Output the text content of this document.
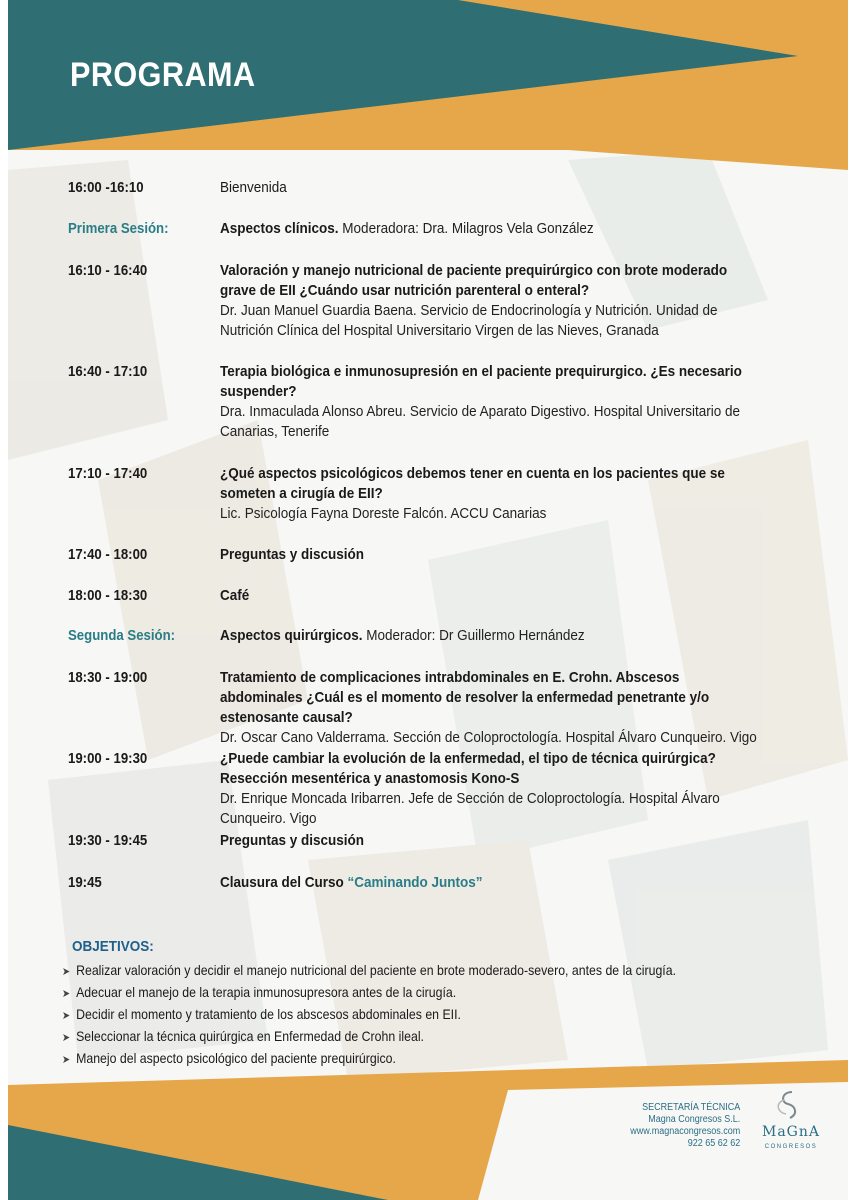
PROGRAMA
16:00 -16:10	Bienvenida
Primera Sesión:	Aspectos clínicos. Moderadora: Dra. Milagros Vela González
16:10 - 16:40	Valoración y manejo nutricional de paciente prequirúrgico con brote moderado grave de EII ¿Cuándo usar nutrición parenteral o enteral?
Dr. Juan Manuel Guardia Baena. Servicio de Endocrinología y Nutrición. Unidad de Nutrición Clínica del Hospital Universitario Virgen de las Nieves, Granada
16:40 - 17:10	Terapia biológica e inmunosupresión en el paciente prequirurgico. ¿Es necesario suspender?
Dra. Inmaculada Alonso Abreu. Servicio de Aparato Digestivo. Hospital Universitario de Canarias, Tenerife
17:10 - 17:40	¿Qué aspectos psicológicos debemos tener en cuenta en los pacientes que se someten a cirugía de EII?
Lic. Psicología Fayna Doreste Falcón. ACCU Canarias
17:40 - 18:00	Preguntas y discusión
18:00 - 18:30	Café
Segunda Sesión:	Aspectos quirúrgicos. Moderador: Dr Guillermo Hernández
18:30 - 19:00	Tratamiento de complicaciones intrabdominales en E. Crohn. Abscesos abdominales ¿Cuál es el momento de resolver la enfermedad penetrante y/o estenosante causal?
Dr. Oscar Cano Valderrama. Sección de Coloproctología. Hospital Álvaro Cunqueiro. Vigo
19:00 - 19:30	¿Puede cambiar la evolución de la enfermedad, el tipo de técnica quirúrgica? Resección mesentérica y anastomosis Kono-S
Dr. Enrique Moncada Iribarren. Jefe de Sección de Coloproctología. Hospital Álvaro Cunqueiro. Vigo
19:30 - 19:45	Preguntas y discusión
19:45	Clausura del Curso “Caminando Juntos”
OBJETIVOS:
➤ Realizar valoración y decidir el manejo nutricional del paciente en brote moderado-severo, antes de la cirugía.
➤ Adecuar el manejo de la terapia inmunosupresora antes de la cirugía.
➤ Decidir el momento y tratamiento de los abscesos abdominales en EII.
➤ Seleccionar la técnica quirúrgica en Enfermedad de Crohn ileal.
➤ Manejo del aspecto psicológico del paciente prequirúrgico.
SECRETARÍA TÉCNICA
Magna Congresos S.L.
www.magnacongresos.com
922 65 62 62
MaGnA
CONGRESOS
